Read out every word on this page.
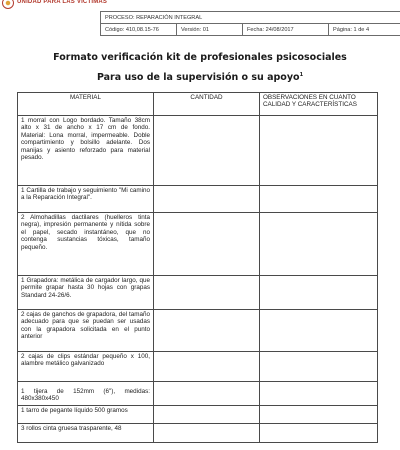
UNIDAD PARA LAS VÍCTIMAS
PROCESO: REPARACIÓN INTEGRAL
Código: 410,08.15-76	Versión: 01	Fecha: 24/08/2017	Página: 1 de 4
Formato verificación kit de profesionales psicosociales
Para uso de la supervisión o su apoyo$^1$
MATERIAL	CANTIDAD	OBSERVACIONES EN CUANTO CALIDAD Y CARACTERÍSTICAS
1 morral con Logo bordado. Tamaño 38cm alto x 31 de ancho x 17 cm de fondo. Material: Lona morral, impermeable. Doble compartimiento y bolsillo adelante. Dos manijas y asiento reforzado para material pesado.		
1 Cartilla de trabajo y seguimiento "Mi camino a la Reparación Integral".		
2 Almohadillas dactilares (huelleros tinta negra), impresión permanente y nítida sobre el papel, secado instantáneo, que no contenga sustancias tóxicas, tamaño pequeño.		
1 Grapadora: metálica de cargador largo, que permite grapar hasta 30 hojas con grapas Standard 24-26/6.		
2 cajas de ganchos de grapadora, del tamaño adecuado para que se puedan ser usadas con la grapadora solicitada en el punto anterior		
2 cajas de clips estándar pequeño x 100, alambre metálico galvanizado		
1 tijera de 152mm (6"), medidas: 480x380x450		
1 tarro de pegante líquido 500 gramos		
3 rollos cinta gruesa trasparente, 48		
